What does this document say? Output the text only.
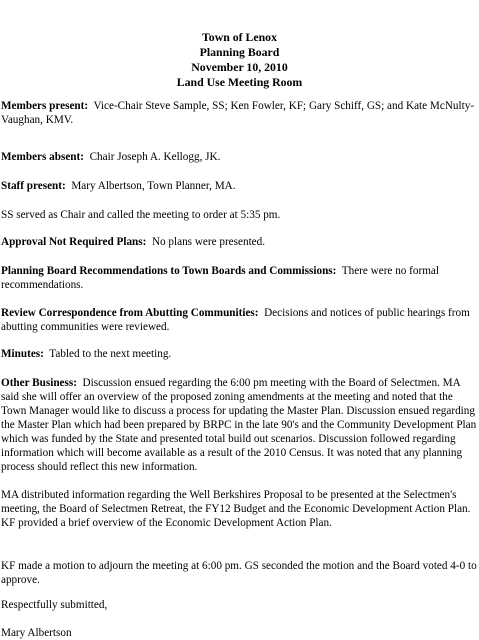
Town of Lenox
Planning Board
November 10, 2010
Land Use Meeting Room

Members present: Vice-Chair Steve Sample, SS; Ken Fowler, KF; Gary Schiff, GS; and Kate McNulty-Vaughan, KMV.

Members absent: Chair Joseph A. Kellogg, JK.

Staff present: Mary Albertson, Town Planner, MA.

SS served as Chair and called the meeting to order at 5:35 pm.

Approval Not Required Plans: No plans were presented.

Planning Board Recommendations to Town Boards and Commissions: There were no formal recommendations.

Review Correspondence from Abutting Communities: Decisions and notices of public hearings from abutting communities were reviewed.

Minutes: Tabled to the next meeting.

Other Business: Discussion ensued regarding the 6:00 pm meeting with the Board of Selectmen. MA said she will offer an overview of the proposed zoning amendments at the meeting and noted that the Town Manager would like to discuss a process for updating the Master Plan. Discussion ensued regarding the Master Plan which had been prepared by BRPC in the late 90's and the Community Development Plan which was funded by the State and presented total build out scenarios. Discussion followed regarding information which will become available as a result of the 2010 Census. It was noted that any planning process should reflect this new information.

MA distributed information regarding the Well Berkshires Proposal to be presented at the Selectmen's meeting, the Board of Selectmen Retreat, the FY12 Budget and the Economic Development Action Plan. KF provided a brief overview of the Economic Development Action Plan.

KF made a motion to adjourn the meeting at 6:00 pm. GS seconded the motion and the Board voted 4-0 to approve.

Respectfully submitted,

Mary Albertson
